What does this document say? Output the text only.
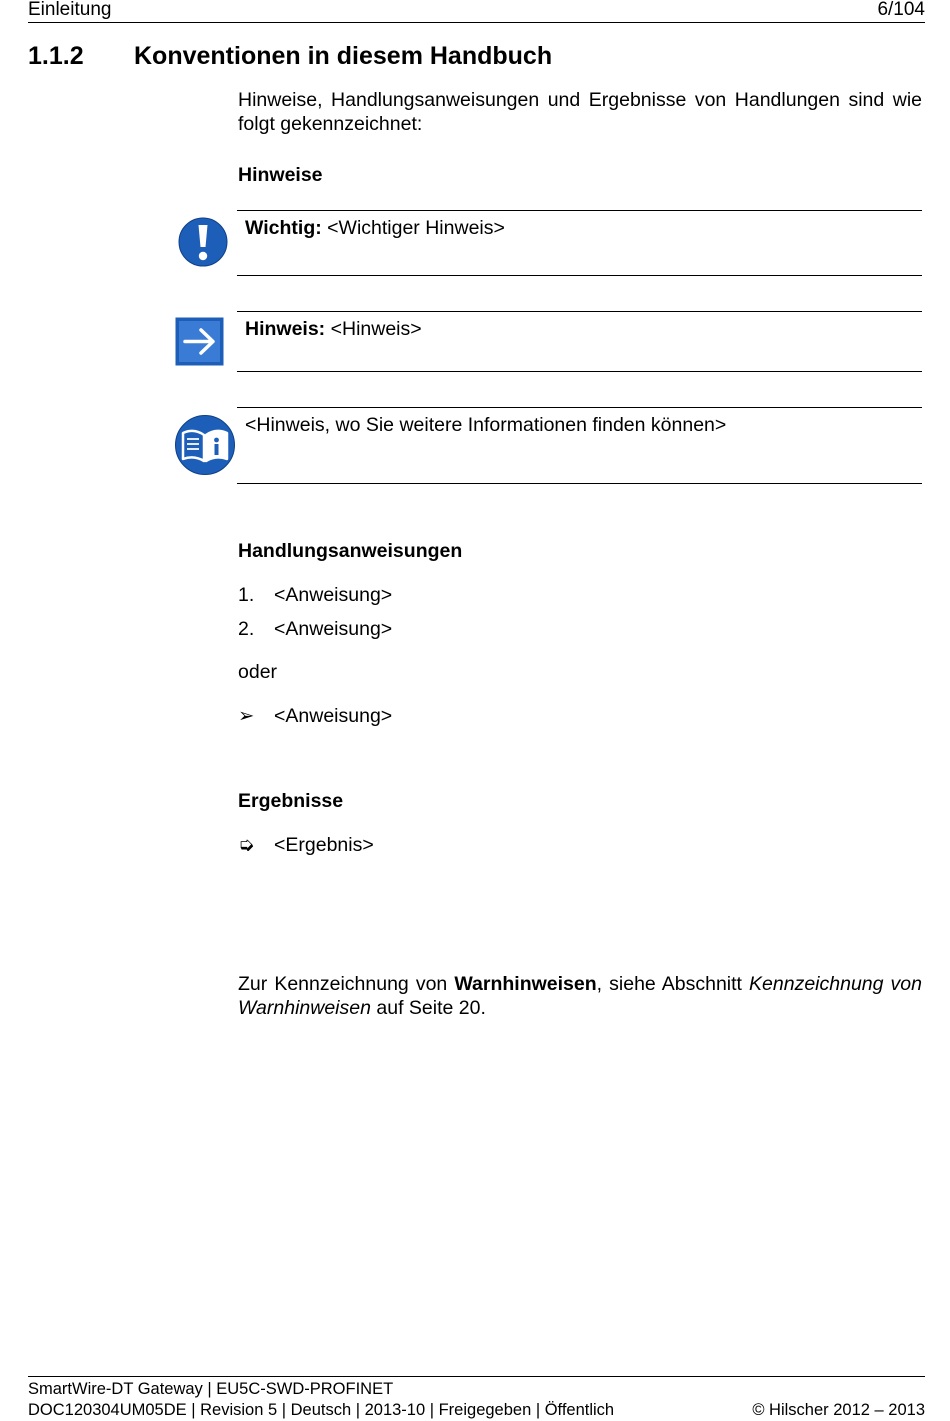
Einleitung	6/104
1.1.2 Konventionen in diesem Handbuch
Hinweise, Handlungsanweisungen und Ergebnisse von Handlungen sind wie folgt gekennzeichnet:
Hinweise
Wichtig: <Wichtiger Hinweis>
Hinweis: <Hinweis>
<Hinweis, wo Sie weitere Informationen finden können>
Handlungsanweisungen
1. <Anweisung>
2. <Anweisung>
oder
➢ <Anweisung>
Ergebnisse
➭ <Ergebnis>
Zur Kennzeichnung von Warnhinweisen, siehe Abschnitt Kennzeichnung von Warnhinweisen auf Seite 20.
SmartWire-DT Gateway | EU5C-SWD-PROFINET
DOC120304UM05DE | Revision 5 | Deutsch | 2013-10 | Freigegeben | Öffentlich	© Hilscher 2012 – 2013
